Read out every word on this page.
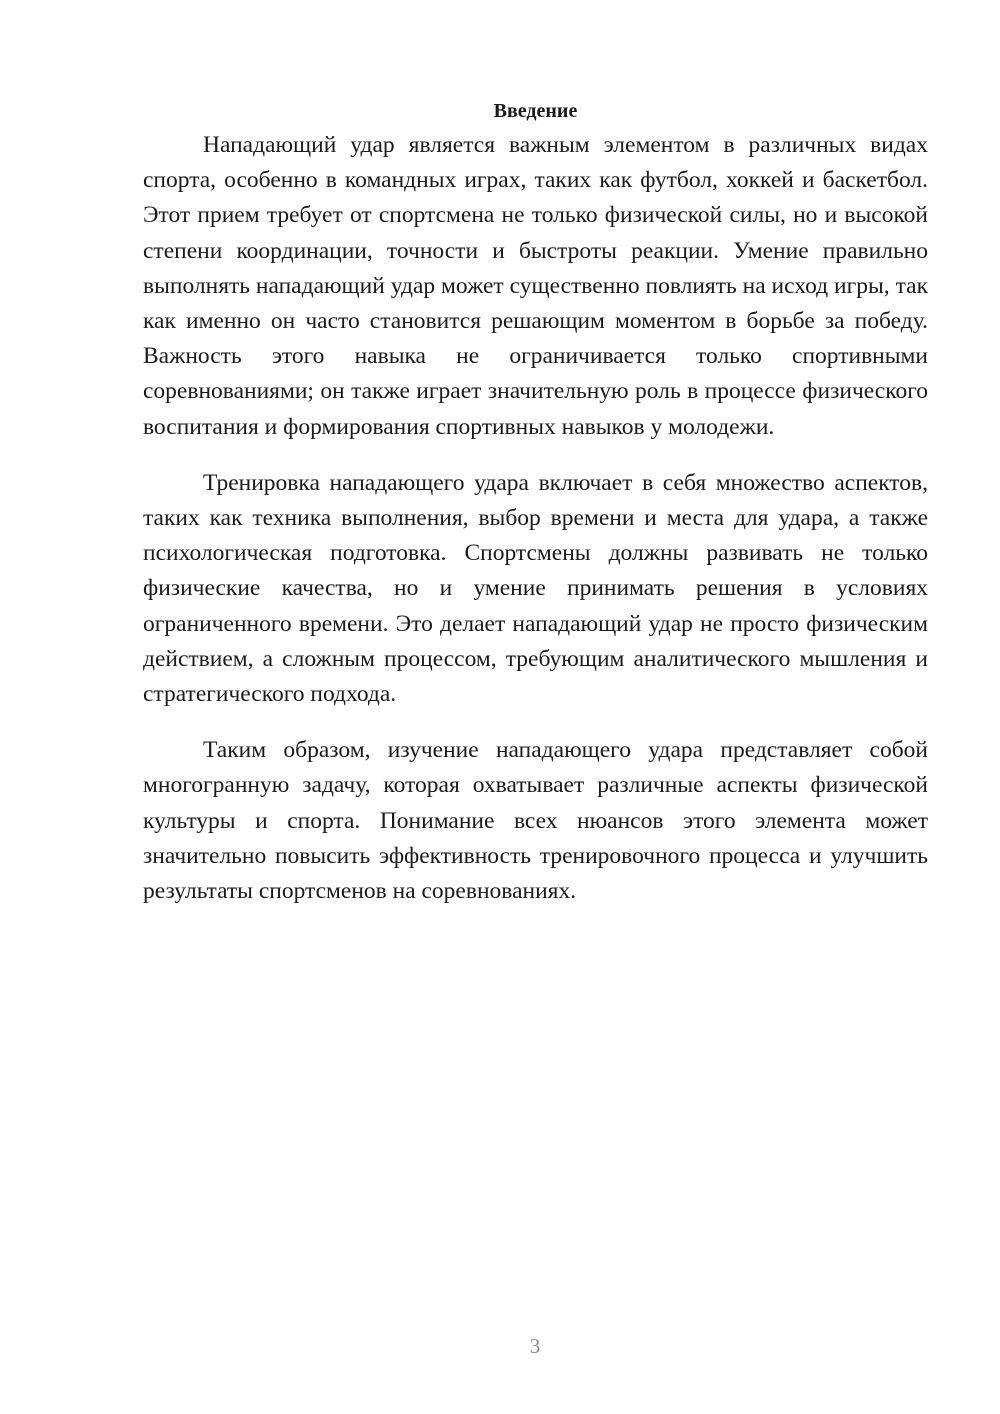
Введение

Нападающий удар является важным элементом в различных видах спорта, особенно в командных играх, таких как футбол, хоккей и баскетбол. Этот прием требует от спортсмена не только физической силы, но и высокой степени координации, точности и быстроты реакции. Умение правильно выполнять нападающий удар может существенно повлиять на исход игры, так как именно он часто становится решающим моментом в борьбе за победу. Важность этого навыка не ограничивается только спортивными соревнованиями; он также играет значительную роль в процессе физического воспитания и формирования спортивных навыков у молодежи.

Тренировка нападающего удара включает в себя множество аспектов, таких как техника выполнения, выбор времени и места для удара, а также психологическая подготовка. Спортсмены должны развивать не только физические качества, но и умение принимать решения в условиях ограниченного времени. Это делает нападающий удар не просто физическим действием, а сложным процессом, требующим аналитического мышления и стратегического подхода.

Таким образом, изучение нападающего удара представляет собой многогранную задачу, которая охватывает различные аспекты физической культуры и спорта. Понимание всех нюансов этого элемента может значительно повысить эффективность тренировочного процесса и улучшить результаты спортсменов на соревнованиях.

3
